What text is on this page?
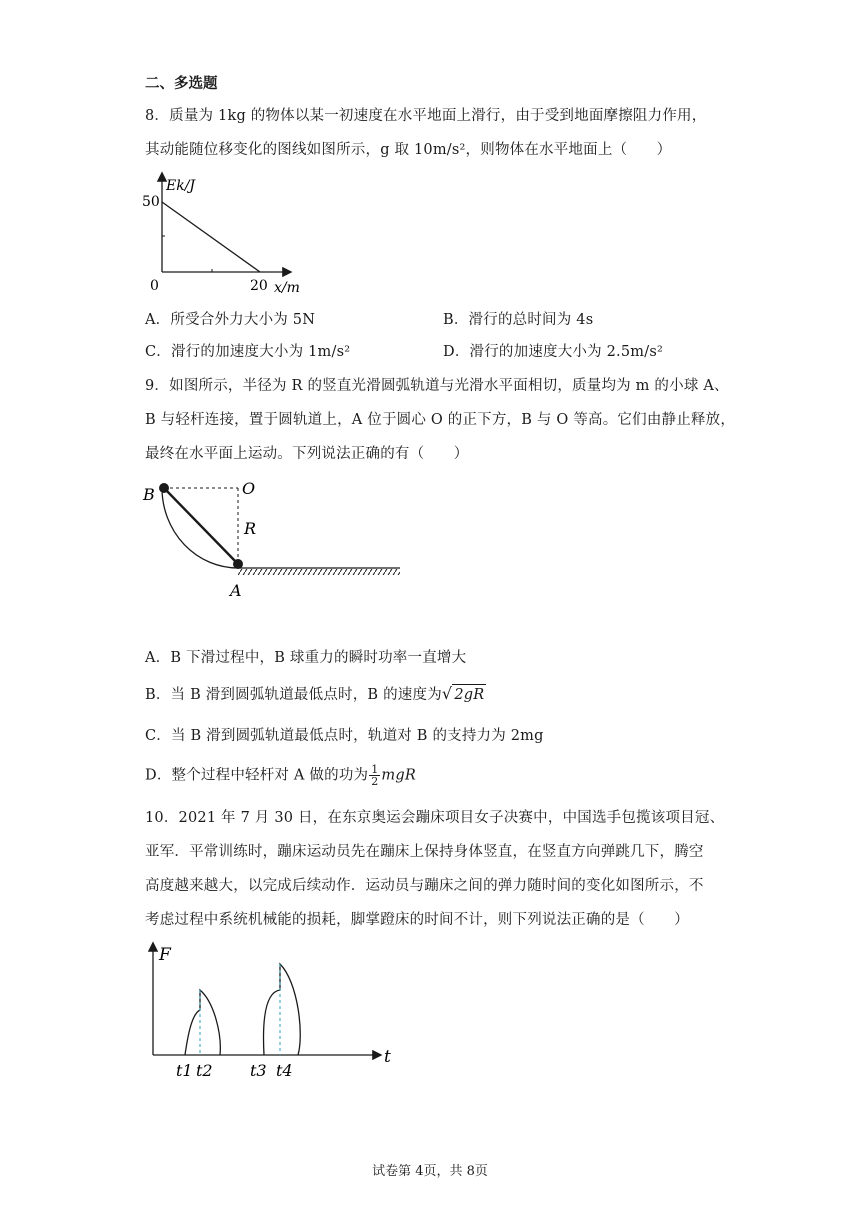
二、多选题
8．质量为 1kg 的物体以某一初速度在水平地面上滑行，由于受到地面摩擦阻力作用，
其动能随位移变化的图线如图所示，g 取 10m/s²，则物体在水平地面上（　　）
Ek/J
50
0	20 x/m
A．所受合外力大小为 5N	B．滑行的总时间为 4s
C．滑行的加速度大小为 1m/s²	D．滑行的加速度大小为 2.5m/s²
9．如图所示，半径为 R 的竖直光滑圆弧轨道与光滑水平面相切，质量均为 m 的小球 A、
B 与轻杆连接，置于圆轨道上，A 位于圆心 O 的正下方，B 与 O 等高。它们由静止释放，
最终在水平面上运动。下列说法正确的有（　　）
B	O
R
A
A．B 下滑过程中，B 球重力的瞬时功率一直增大
B．当 B 滑到圆弧轨道最低点时，B 的速度为√ 2gR
C．当 B 滑到圆弧轨道最低点时，轨道对 B 的支持力为 2mg
D．整个过程中轻杆对 A 做的功为 $\frac{1}{2}$ mgR
10．2021 年 7 月 30 日，在东京奥运会蹦床项目女子决赛中，中国选手包揽该项目冠、
亚军．平常训练时，蹦床运动员先在蹦床上保持身体竖直，在竖直方向弹跳几下，腾空
高度越来越大，以完成后续动作．运动员与蹦床之间的弹力随时间的变化如图所示，不
考虑过程中系统机械能的损耗，脚掌蹬床的时间不计，则下列说法正确的是（　　）
F
t
t1 t2 t3 t4
试卷第 4页，共 8页
